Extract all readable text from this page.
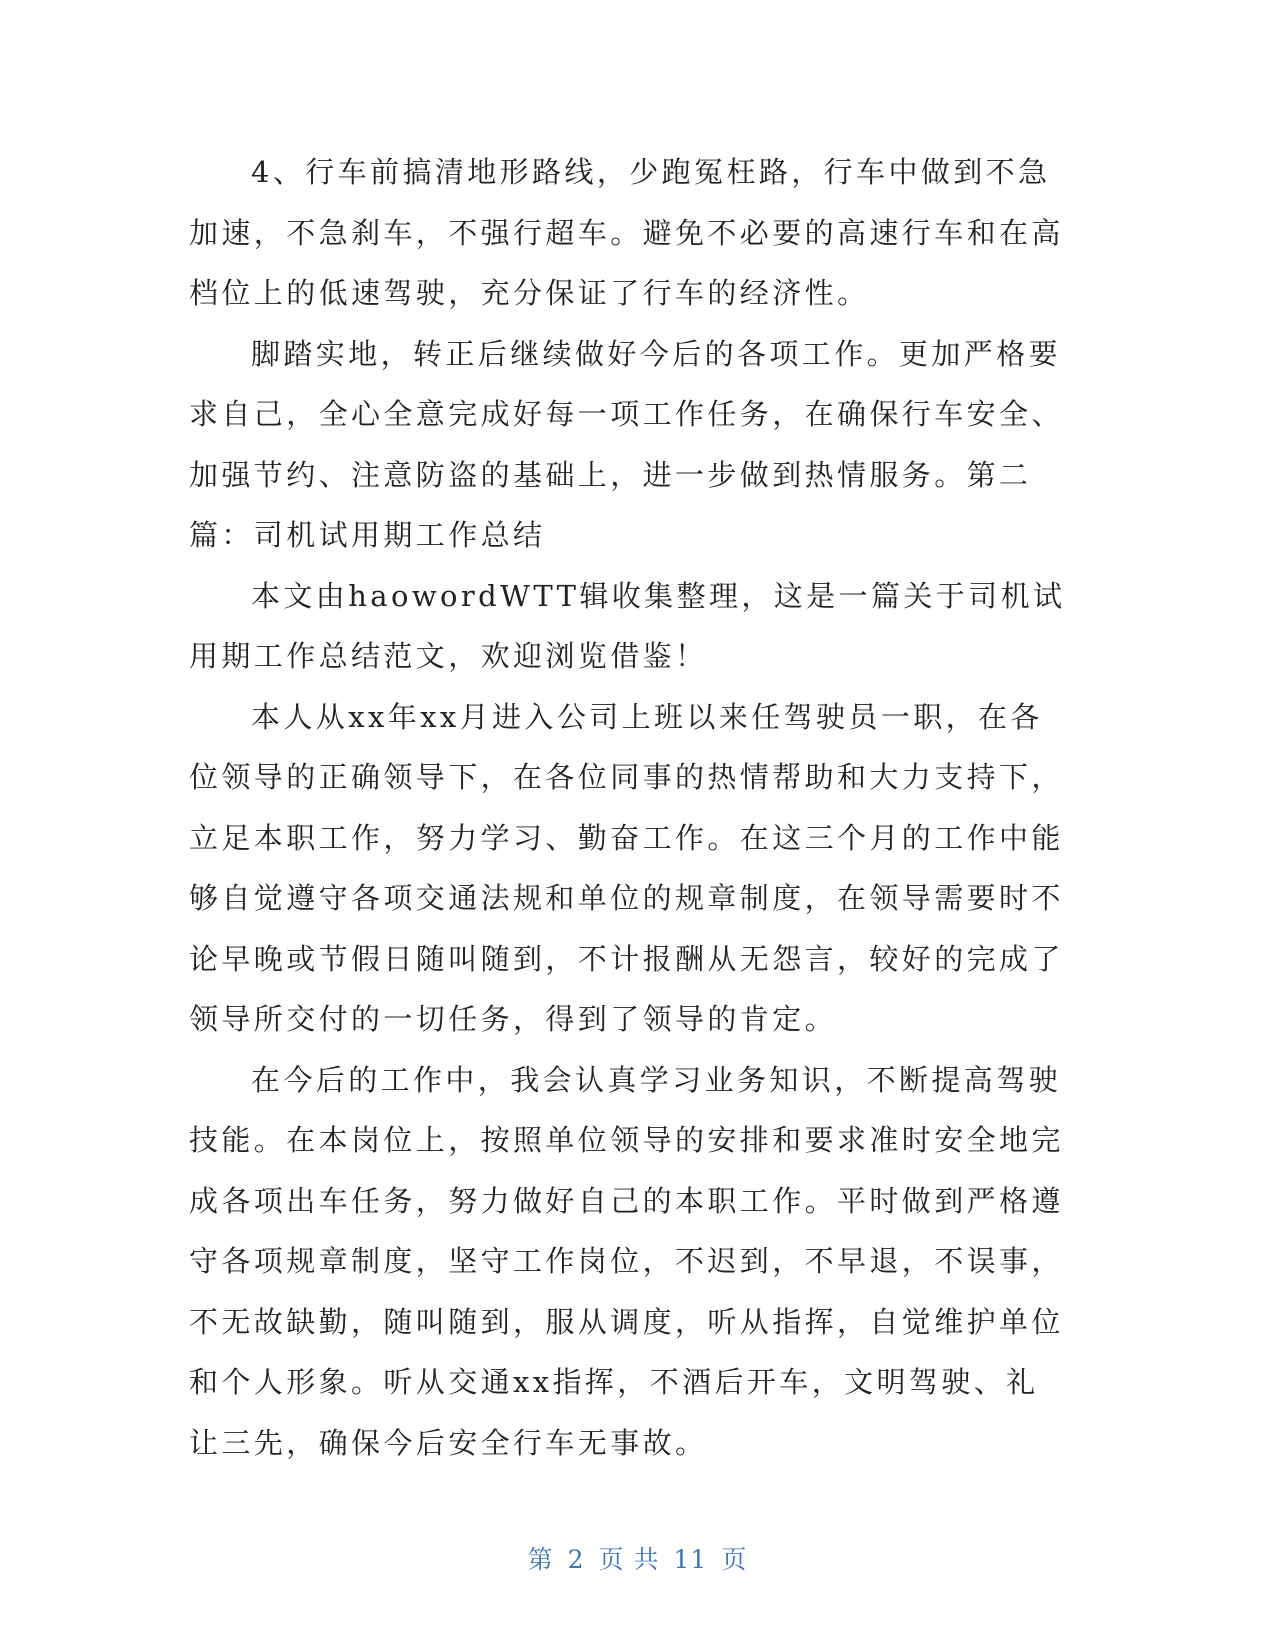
4、行车前搞清地形路线，少跑冤枉路，行车中做到不急加速，不急刹车，不强行超车。避免不必要的高速行车和在高档位上的低速驾驶，充分保证了行车的经济性。

脚踏实地，转正后继续做好今后的各项工作。更加严格要求自己，全心全意完成好每一项工作任务，在确保行车安全、加强节约、注意防盗的基础上，进一步做到热情服务。第二篇：司机试用期工作总结

本文由haowordWTT辑收集整理，这是一篇关于司机试用期工作总结范文，欢迎浏览借鉴！

本人从xx年xx月进入公司上班以来任驾驶员一职，在各位领导的正确领导下，在各位同事的热情帮助和大力支持下，立足本职工作，努力学习、勤奋工作。在这三个月的工作中能够自觉遵守各项交通法规和单位的规章制度，在领导需要时不论早晚或节假日随叫随到，不计报酬从无怨言，较好的完成了领导所交付的一切任务，得到了领导的肯定。

在今后的工作中，我会认真学习业务知识，不断提高驾驶技能。在本岗位上，按照单位领导的安排和要求准时安全地完成各项出车任务，努力做好自己的本职工作。平时做到严格遵守各项规章制度，坚守工作岗位，不迟到，不早退，不误事，不无故缺勤，随叫随到，服从调度，听从指挥，自觉维护单位和个人形象。听从交通xx指挥，不酒后开车，文明驾驶、礼让三先，确保今后安全行车无事故。

第 2 页 共 11 页
